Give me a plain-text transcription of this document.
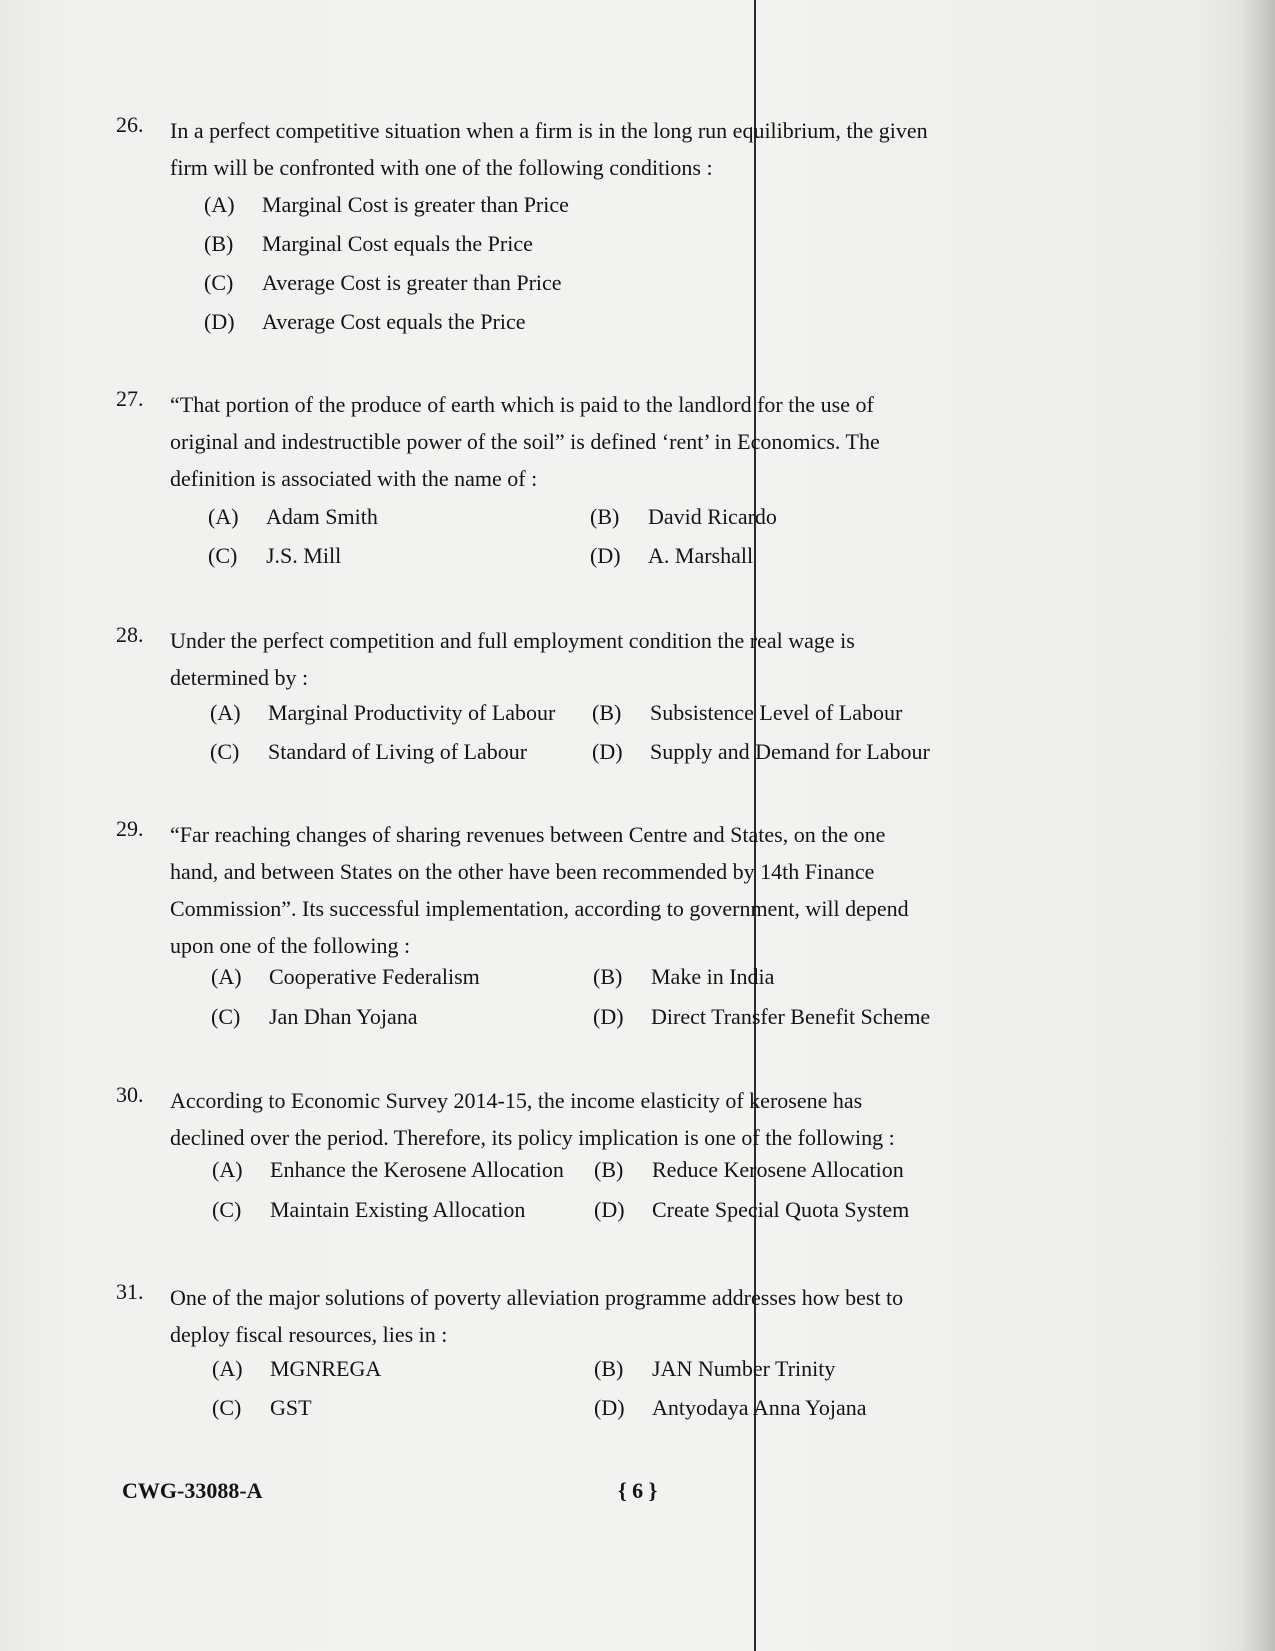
26. In a perfect competitive situation when a firm is in the long run equilibrium, the given
firm will be confronted with one of the following conditions :
(A) Marginal Cost is greater than Price
(B) Marginal Cost equals the Price
(C) Average Cost is greater than Price
(D) Average Cost equals the Price
27. “That portion of the produce of earth which is paid to the landlord for the use of
original and indestructible power of the soil” is defined ‘rent’ in Economics. The
definition is associated with the name of :
(A) Adam Smith	(B) David Ricardo
(C) J.S. Mill	(D) A. Marshall
28. Under the perfect competition and full employment condition the real wage is
determined by :
(A) Marginal Productivity of Labour (B) Subsistence Level of Labour
(C) Standard of Living of Labour	(D) Supply and Demand for Labour
29. “Far reaching changes of sharing revenues between Centre and States, on the one
hand, and between States on the other have been recommended by 14th Finance
Commission”. Its successful implementation, according to government, will depend
upon one of the following :
(A) Cooperative Federalism	(B) Make in India
(C) Jan Dhan Yojana	(D) Direct Transfer Benefit Scheme
30. According to Economic Survey 2014-15, the income elasticity of kerosene has
declined over the period. Therefore, its policy implication is one of the following :
(A) Enhance the Kerosene Allocation (B) Reduce Kerosene Allocation
(C) Maintain Existing Allocation	(D) Create Special Quota System
31. One of the major solutions of poverty alleviation programme addresses how best to
deploy fiscal resources, lies in :
(A) MGNREGA	(B) JAN Number Trinity
(C) GST	(D) Antyodaya Anna Yojana
CWG-33088-A	{ 6 }
